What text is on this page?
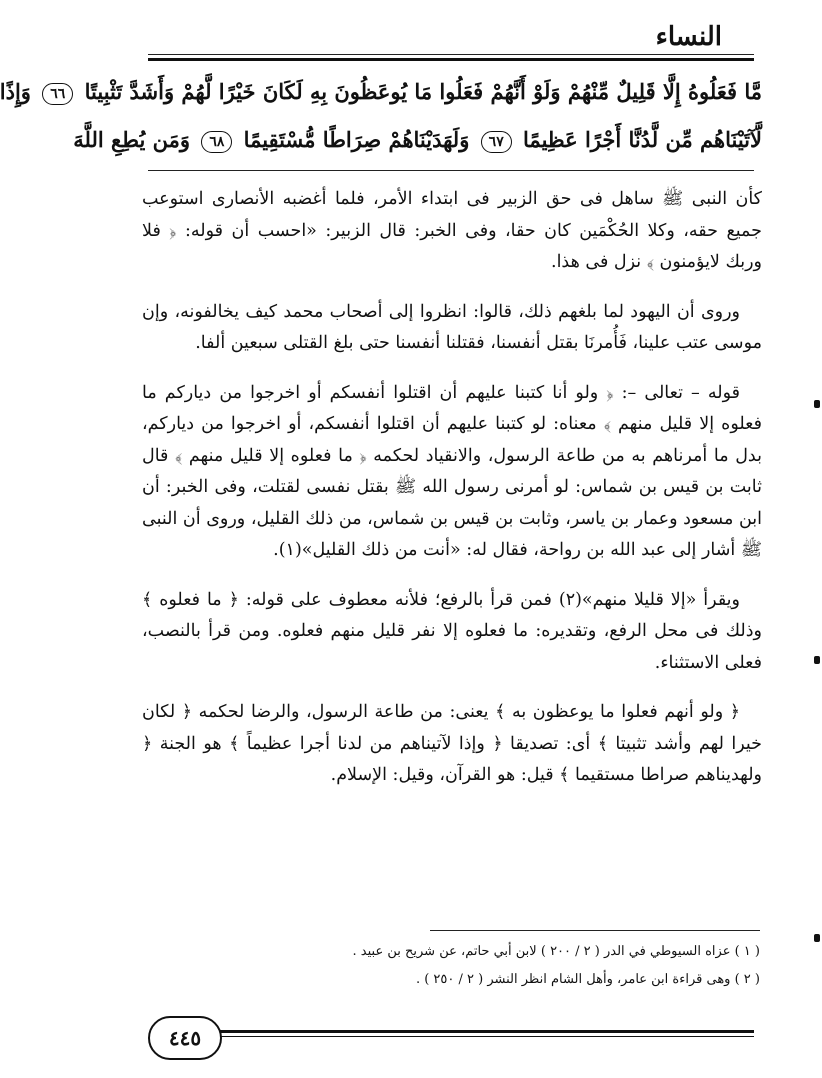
النساء
مَّا فَعَلُوهُ إِلَّا قَلِيلٌ مِّنْهُمْ وَلَوْ أَنَّهُمْ فَعَلُوا مَا يُوعَظُونَ بِهِ لَكَانَ خَيْرًا لَّهُمْ وَأَشَدَّ تَثْبِيتًا ٦٦ وَإِذًا
لَّآتَيْنَاهُم مِّن لَّدُنَّا أَجْرًا عَظِيمًا ٦٧ وَلَهَدَيْنَاهُمْ صِرَاطًا مُّسْتَقِيمًا ٦٨ وَمَن يُطِعِ اللَّهَ

كأن النبى ﷺ ساهل فى حق الزبير فى ابتداء الأمر، فلما أغضبه الأنصارى استوعب جميع حقه، وكلا الحُكْمَين كان حقا، وفى الخبر: قال الزبير: «احسب أن قوله: ﴿ فلا وربك لايؤمنون ﴾ نزل فى هذا.

وروى أن اليهود لما بلغهم ذلك، قالوا: انظروا إلى أصحاب محمد كيف يخالفونه، وإن موسى عتب علينا، فَأُمرنَا بقتل أنفسنا، فقتلنا أنفسنا حتى بلغ القتلى سبعين ألفا.

قوله – تعالى –: ﴿ ولو أنا كتبنا عليهم أن اقتلوا أنفسكم أو اخرجوا من دياركم ما فعلوه إلا قليل منهم ﴾ معناه: لو كتبنا عليهم أن اقتلوا أنفسكم، أو اخرجوا من دياركم، بدل ما أمرناهم به من طاعة الرسول، والانقياد لحكمه ﴿ ما فعلوه إلا قليل منهم ﴾ قال ثابت بن قيس بن شماس: لو أمرنى رسول الله ﷺ بقتل نفسى لقتلت، وفى الخبر: أن ابن مسعود وعمار بن ياسر، وثابت بن قيس بن شماس، من ذلك القليل، وروى أن النبى ﷺ أشار إلى عبد الله بن رواحة، فقال له: «أنت من ذلك القليل»(١).

ويقرأ «إلا قليلا منهم»(٢) فمن قرأ بالرفع؛ فلأنه معطوف على قوله: ﴿ ما فعلوه ﴾ وذلك فى محل الرفع، وتقديره: ما فعلوه إلا نفر قليل منهم فعلوه. ومن قرأ بالنصب، فعلى الاستثناء.

﴿ ولو أنهم فعلوا ما يوعظون به ﴾ يعنى: من طاعة الرسول، والرضا لحكمه ﴿ لكان خيرا لهم وأشد تثبيتا ﴾ أى: تصديقا ﴿ وإذا لآتيناهم من لدنا أجرا عظيماً ﴾ هو الجنة ﴿ ولهديناهم صراطا مستقيما ﴾ قيل: هو القرآن، وقيل: الإسلام.

( ١ ) عزاه السيوطي في الدر ( ٢ / ٢٠٠ ) لابن أبي حاتم، عن شريح بن عبيد .

( ٢ ) وهى قراءة ابن عامر، وأهل الشام انظر النشر ( ٢ / ٢٥٠ ) .

٤٤٥
